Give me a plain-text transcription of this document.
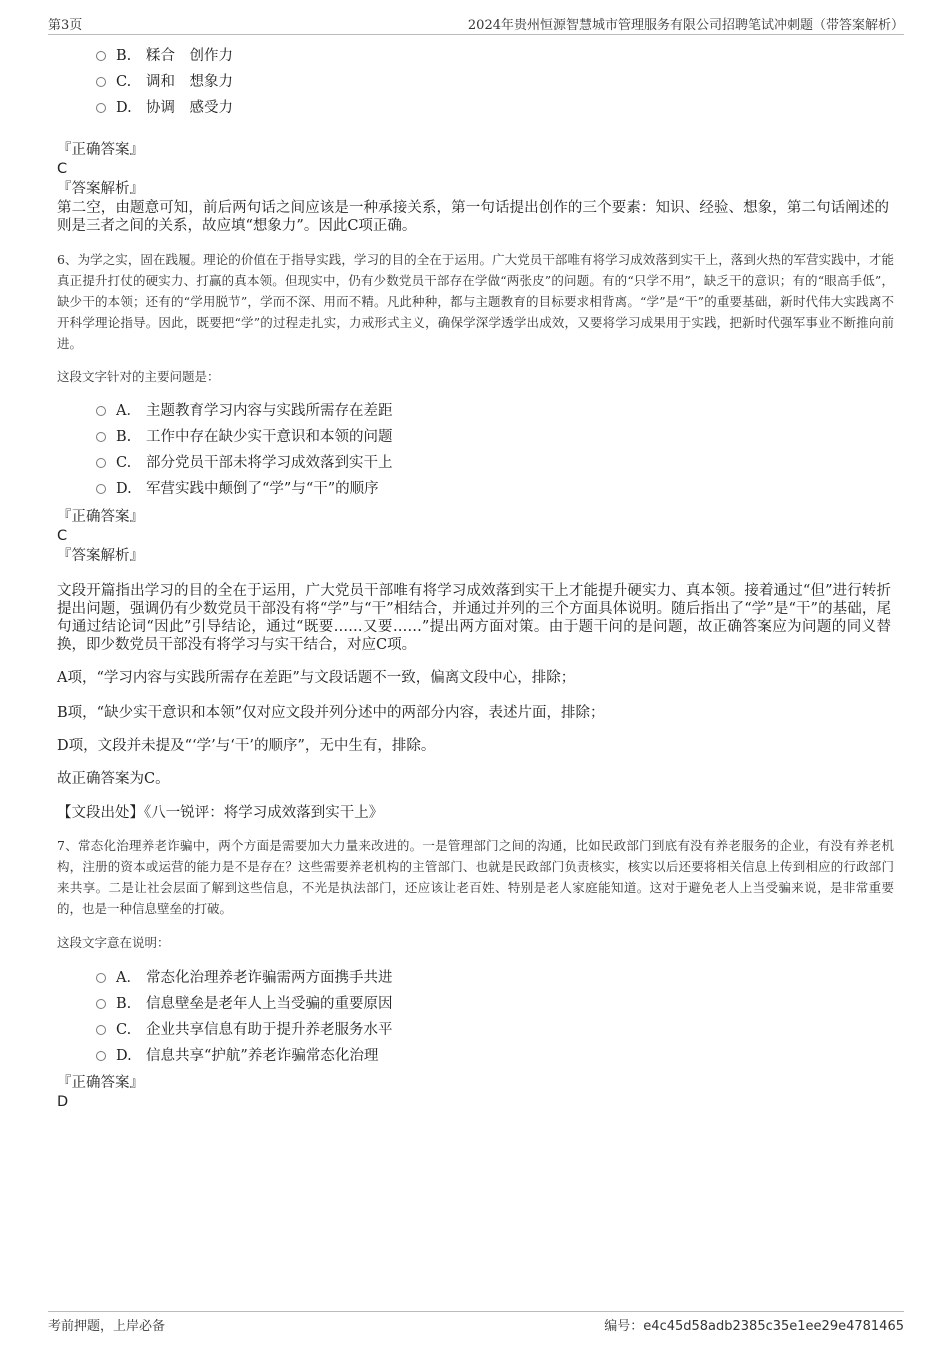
第3页	2024年贵州恒源智慧城市管理服务有限公司招聘笔试冲刺题（带答案解析）
B. 糅合　创作力
C. 调和　想象力
D. 协调　感受力
『正确答案』
C
『答案解析』
第二空，由题意可知，前后两句话之间应该是一种承接关系，第一句话提出创作的三个要素：知识、经验、想象，第二句话阐述的则是三者之间的关系，故应填“想象力”。因此C项正确。
6、为学之实，固在践履。理论的价值在于指导实践，学习的目的全在于运用。广大党员干部唯有将学习成效落到实干上，落到火热的军营实践中，才能真正提升打仗的硬实力、打赢的真本领。但现实中，仍有少数党员干部存在学做“两张皮”的问题。有的“只学不用”，缺乏干的意识；有的“眼高手低”，缺少干的本领；还有的“学用脱节”，学而不深、用而不精。凡此种种，都与主题教育的目标要求相背离。“学”是“干”的重要基础，新时代伟大实践离不开科学理论指导。因此，既要把“学”的过程走扎实，力戒形式主义，确保学深学透学出成效，又要将学习成果用于实践，把新时代强军事业不断推向前进。
这段文字针对的主要问题是：
A． 主题教育学习内容与实践所需存在差距
B. 工作中存在缺少实干意识和本领的问题
C. 部分党员干部未将学习成效落到实干上
D. 军营实践中颠倒了“学”与“干”的顺序
『正确答案』
C
『答案解析』
文段开篇指出学习的目的全在于运用，广大党员干部唯有将学习成效落到实干上才能提升硬实力、真本领。接着通过“但”进行转折提出问题，强调仍有少数党员干部没有将“学”与“干”相结合，并通过并列的三个方面具体说明。随后指出了“学”是“干”的基础，尾句通过结论词“因此”引导结论，通过“既要……又要……”提出两方面对策。由于题干问的是问题，故正确答案应为问题的同义替换，即少数党员干部没有将学习与实干结合，对应C项。
A项，“学习内容与实践所需存在差距”与文段话题不一致，偏离文段中心，排除；
B项，“缺少实干意识和本领”仅对应文段并列分述中的两部分内容，表述片面，排除；
D项，文段并未提及“‘学’与‘干’的顺序”，无中生有，排除。
故正确答案为C。
【文段出处】《八一锐评：将学习成效落到实干上》
7、常态化治理养老诈骗中，两个方面是需要加大力量来改进的。一是管理部门之间的沟通，比如民政部门到底有没有养老服务的企业，有没有养老机构，注册的资本或运营的能力是不是存在？这些需要养老机构的主管部门、也就是民政部门负责核实，核实以后还要将相关信息上传到相应的行政部门来共享。二是让社会层面了解到这些信息，不光是执法部门，还应该让老百姓、特别是老人家庭能知道。这对于避免老人上当受骗来说，是非常重要的，也是一种信息壁垒的打破。
这段文字意在说明：
A． 常态化治理养老诈骗需两方面携手共进
B. 信息壁垒是老年人上当受骗的重要原因
C. 企业共享信息有助于提升养老服务水平
D. 信息共享“护航”养老诈骗常态化治理
『正确答案』
D
考前押题，上岸必备	编号：e4c45d58adb2385c35e1ee29e4781465
